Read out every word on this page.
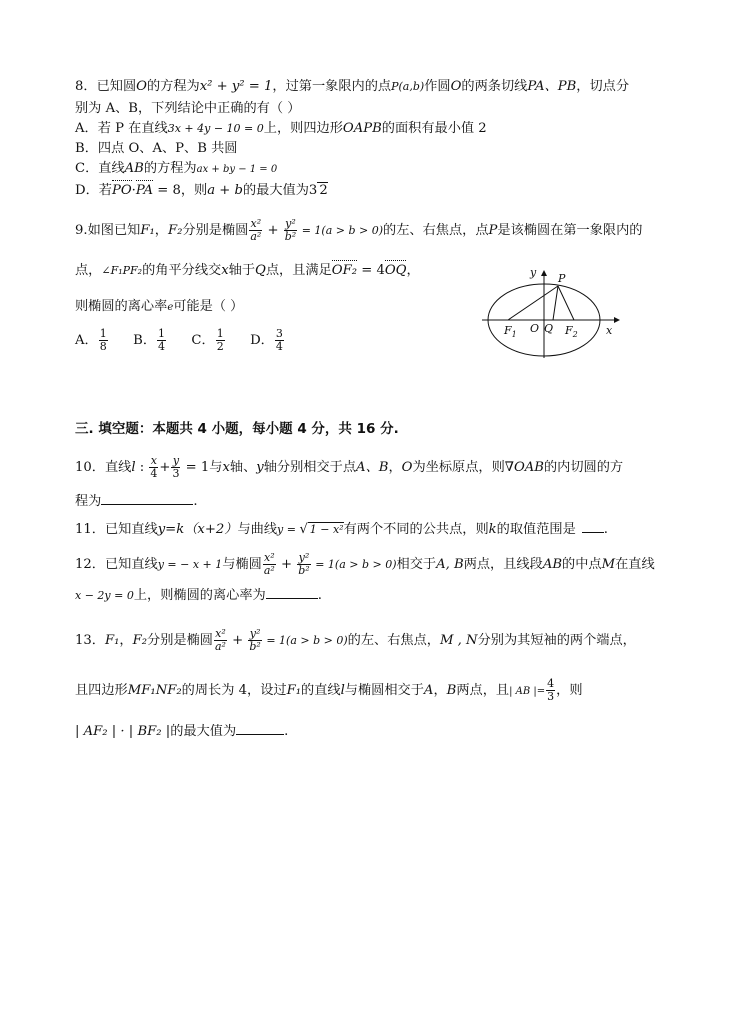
8．已知圆O的方程为x² + y² = 1，过第一象限内的点P(a,b)作圆O的两条切线PA、PB，切点分
别为 A、B，下列结论中正确的有（ ）
A．若 P 在直线3x + 4y − 10 = 0上，则四边形OAPB的面积有最小值 2
B．四点 O、A、P、B 共圆
C．直线AB的方程为ax + by − 1 = 0
D．若PO·PA = 8，则a + b的最大值为3 2
9.如图已知F₁，F₂分别是椭圆 $\frac{\text{x²}}{\text{a²}} + \frac{\text{y²}}{\text{b²}} = 1(a > b > 0)$的左、右焦点，点P是该椭圆在第一象限内的
点，∠F₁PF₂的角平分线交x轴于Q点，且满足OF₂ = 4OQ，
则椭圆的离心率e可能是（ ）
A． $\frac{1}{8}$ B． $\frac{1}{4}$ C． $\frac{1}{2}$ D． $\frac{3}{4}$
y
x
P
$F_1$ O Q $F_2$
三. 填空题：本题共 4 小题，每小题 4 分，共 16 分.
10．直线l : $\frac{x}{4} + \frac{y}{3} = 1$与x轴、y轴分别相交于点A、B，O为坐标原点，则∇OAB的内切圆的方
程为	.
11．已知直线y=k（x+2）与曲线y = √ 1 − x²有两个不同的公共点，则k的取值范围是 .
12．已知直线y = − x + 1与椭圆 $\frac{\text{x²}}{\text{a²}} + \frac{\text{y²}}{\text{b²}} = 1(a > b > 0)$相交于A, B两点，且线段AB的中点M在直线
x − 2y = 0上，则椭圆的离心率为	.
13．F₁，F₂分别是椭圆 $\frac{\text{x²}}{\text{a²}} + \frac{\text{y²}}{\text{b²}} = 1(a > b > 0)$的左、右焦点，M , N分别为其短袖的两个端点，
且四边形MF₁NF₂的周长为 4，设过F₁的直线l与椭圆相交于A，B两点，且| AB |= $\frac{4}{3}$ ，则
| AF₂ | · | BF₂ |的最大值为	.
